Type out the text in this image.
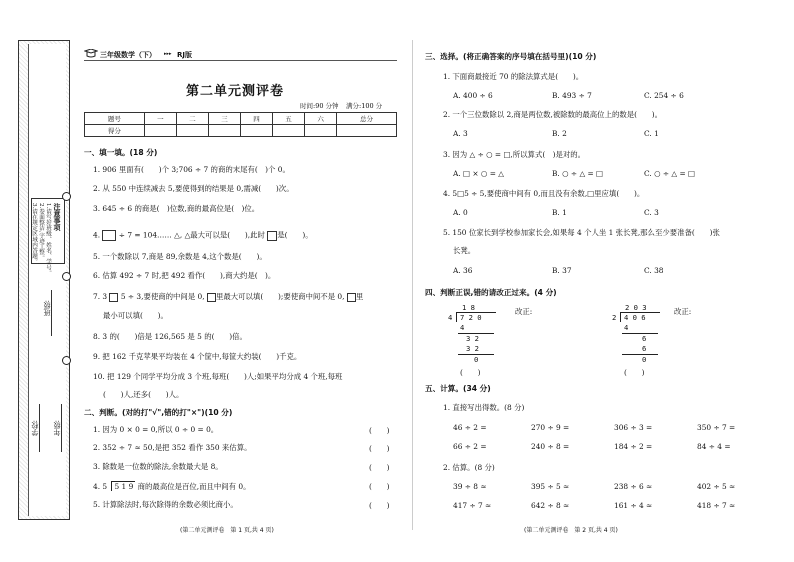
注意事项
1.请写好班级、姓名、学号。
2.卷面整洁,字迹工整。
3.请在规定区域内答题。
班级:
学校: 年级:
三年级数学（下） ▸▸▸ RJ版
第二单元测评卷
时间:90 分钟 满分:100 分
题号	一	二	三	四	五	六	总分
得分							
一、填一填。(18 分)
1. 906 里面有(　　)个 3;706 ÷ 7 的商的末尾有(　)个 0。
2. 从 550 中连续减去 5,要使得到的结果是 0,需减(　　)次。
3. 645 ÷ 6 的商是(　)位数,商的最高位是(　)位。
4.	÷ 7 = 104…… △, △最大可以是(　　),此时 是(　　)。
5. 一个数除以 7,商是 89,余数是 4,这个数是(　　)。
6. 估算 492 ÷ 7 时,把 492 看作(　　),商大约是(　)。
7. 3 5 ÷ 3,要使商的中间是 0, 里最大可以填(　　);要使商中间不是 0, 里
最小可以填(　　)。
8. 3 的(　　)倍是 126,565 是 5 的(　　)倍。
9. 把 162 千克苹果平均装在 4 个筐中,每筐大约装(　　)千克。
10. 把 129 个同学平均分成 3 个班,每班(　　)人;如果平均分成 4 个班,每班
(　　)人,还多(　　)人。
二、判断。(对的打"√",错的打"×")(10 分)
1. 因为 0 × 0 = 0,所以 0 ÷ 0 = 0。	(　　)
2. 352 ÷ 7 ≈ 50,是把 352 看作 350 来估算。	(　　)
3. 除数是一位数的除法,余数最大是 8。	(　　)
4. 5 5 1 9 商的最高位是百位,而且中间有 0。	(　　)
5. 计算除法时,每次除得的余数必须比商小。	(　　)
(第二单元测评卷　第 1 页,共 4 页)
三、选择。(将正确答案的序号填在括号里)(10 分)
1. 下面商最接近 70 的除法算式是(　　)。
A. 400 ÷ 6	B. 493 ÷ 7	C. 254 ÷ 6
2. 一个三位数除以 2,商是两位数,被除数的最高位上的数是(　　)。
A. 3	B. 2	C. 1
3. 因为 △ ÷ ○ = □,所以算式(　)是对的。
A. □ × ○ = △	B. ○ ÷ △ = □	C. ○ ÷ △ = □
4. 5□5 ÷ 5,要使商中间有 0,而且没有余数,□里应填(　　)。
A. 0	B. 1	C. 3
5. 150 位家长到学校参加家长会,如果每 4 个人坐 1 张长凳,那么至少要准备(　　)张
长凳。
A. 36	B. 37	C. 38
四、判断正误,错的请改正过来。(4 分)
1 8
4 7 2 0
4
3 2
3 2
0
(　　)
改正:	2 0 3
2 4 0 6
4
6
6
0
(　　)
改正:
五、计算。(34 分)
1. 直接写出得数。(8 分)
46 ÷ 2 =	270 ÷ 9 =	306 ÷ 3 =	350 ÷ 7 =
66 ÷ 2 =	240 ÷ 8 =	184 ÷ 2 =	84 ÷ 4 =
2. 估算。(8 分)
39 ÷ 8 ≈	395 ÷ 5 ≈	238 ÷ 6 ≈	402 ÷ 5 ≈
417 ÷ 7 ≈	642 ÷ 8 ≈	161 ÷ 4 ≈	418 ÷ 7 ≈
(第二单元测评卷　第 2 页,共 4 页)
